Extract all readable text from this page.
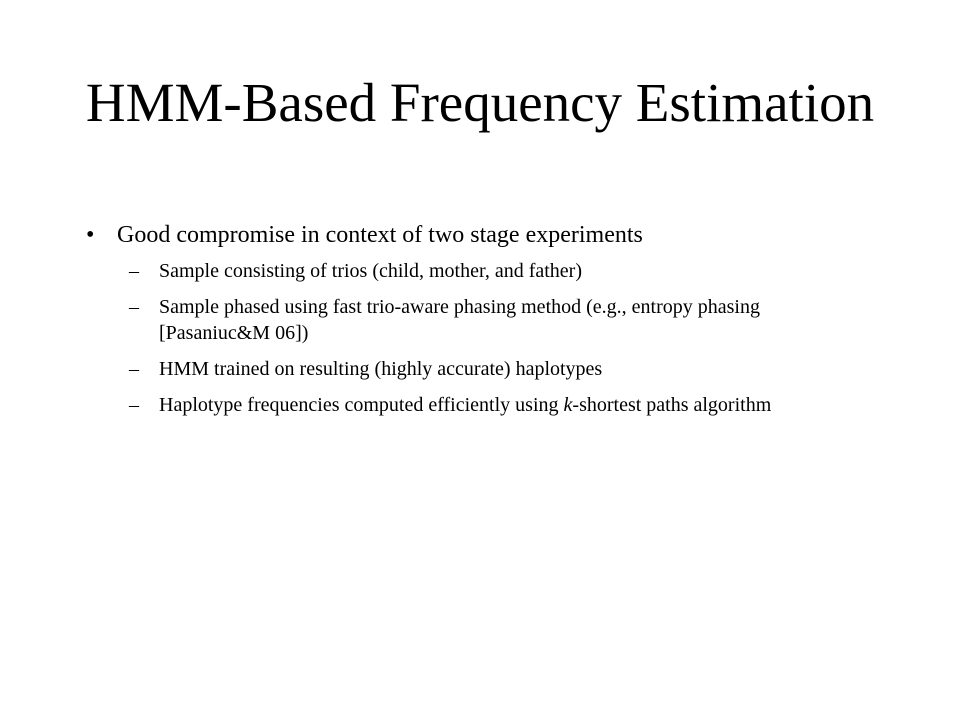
HMM-Based Frequency Estimation
• Good compromise in context of two stage experiments
– Sample consisting of trios (child, mother, and father)
– Sample phased using fast trio-aware phasing method (e.g., entropy phasing [Pasaniuc&M 06])
– HMM trained on resulting (highly accurate) haplotypes
– Haplotype frequencies computed efficiently using k-shortest paths algorithm
